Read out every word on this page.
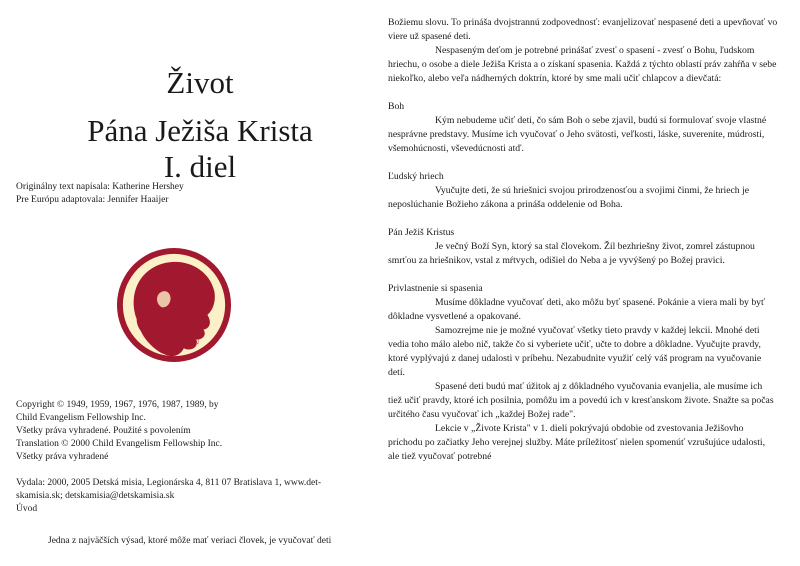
Život
Pána Ježiša Krista
I. diel
Originálny text napísala: Katherine Hershey
Pre Európu adaptovala: Jennifer Haaijer
®
Copyright © 1949, 1959, 1967, 1976, 1987, 1989, by
Child Evangelism Fellowship Inc.
Všetky práva vyhradené. Použité s povolením
Translation © 2000 Child Evangelism Fellowship Inc.
Všetky práva vyhradené
Vydala: 2000, 2005 Detská misia, Legionárska 4, 811 07 Bratislava 1, www.det-
skamisia.sk; detskamisia@detskamisia.sk
Úvod
Jedna z najväčších výsad, ktoré môže mať veriaci človek, je vyučovať deti

Božiemu slovu. To prináša dvojstrannú zodpovednosť: evanjelizovať nespasené deti a upevňovať vo viere už spasené deti.

Nespaseným deťom je potrebné prinášať zvesť o spasení - zvesť o Bohu, ľudskom hriechu, o osobe a diele Ježiša Krista a o získaní spasenia. Každá z týchto oblastí práv zahŕňa v sebe niekoľko, alebo veľa nádherných doktrín, ktoré by sme mali učiť chlapcov a dievčatá:

Boh

Kým nebudeme učiť deti, čo sám Boh o sebe zjavil, budú si formulovať svoje vlastné nesprávne predstavy. Musíme ich vyučovať o Jeho svätosti, veľkosti, láske, suverenite, múdrosti, všemohúcnosti, vševedúcnosti atď.

Ľudský hriech

Vyučujte deti, že sú hriešnici svojou prirodzenosťou a svojimi činmi, že hriech je neposlúchanie Božieho zákona a prináša oddelenie od Boha.

Pán Ježiš Kristus

Je večný Boží Syn, ktorý sa stal človekom. Žil bezhriešny život, zomrel zástupnou smrťou za hriešnikov, vstal z mŕtvych, odišiel do Neba a je vyvýšený po Božej pravici.

Privlastnenie si spasenia

Musíme dôkladne vyučovať deti, ako môžu byť spasené. Pokánie a viera mali by byť dôkladne vysvetlené a opakované.

Samozrejme nie je možné vyučovať všetky tieto pravdy v každej lekcii. Mnohé deti vedia toho málo alebo nič, takže čo si vyberiete učiť, učte to dobre a dôkladne. Vyučujte pravdy, ktoré vyplývajú z danej udalosti v príbehu. Nezabudnite využiť celý váš program na vyučovanie detí.

Spasené deti budú mať úžitok aj z dôkladného vyučovania evanjelia, ale musíme ich tiež učiť pravdy, ktoré ich posilnia, pomôžu im a povedú ich v kresťanskom živote. Snažte sa počas určitého času vyučovať ich „každej Božej rade".

Lekcie v „Živote Krista" v 1. dieli pokrývajú obdobie od zvestovania Ježišovho príchodu po začiatky Jeho verejnej služby. Máte príležitosť nielen spomenúť vzrušujúce udalosti, ale tiež vyučovať potrebné
